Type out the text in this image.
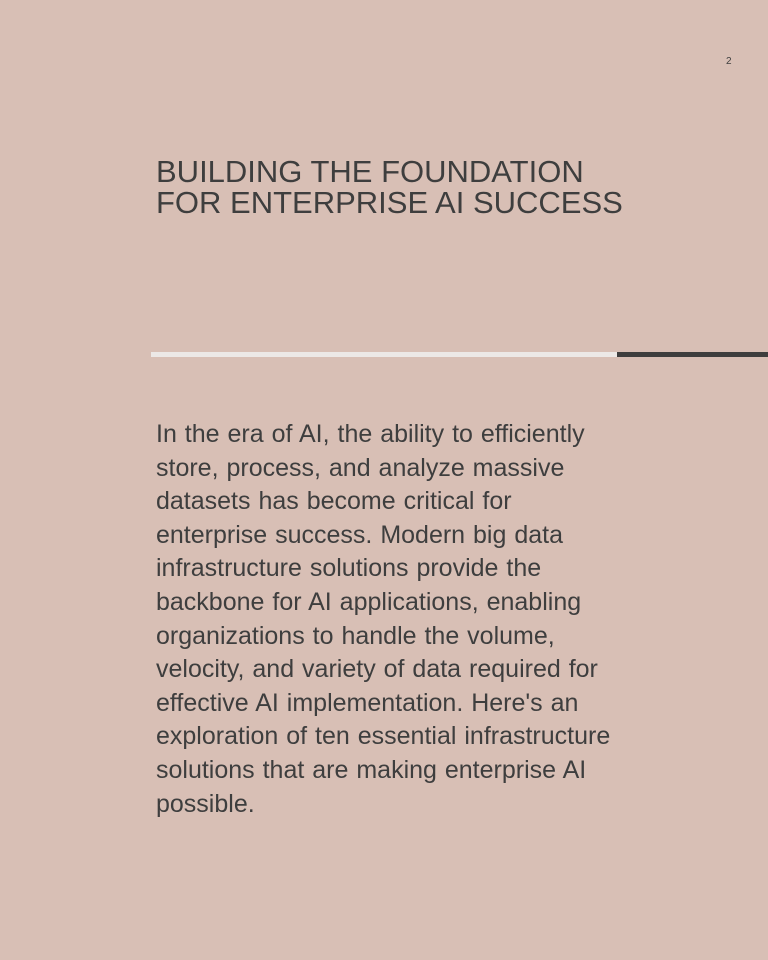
2
BUILDING THE FOUNDATION FOR ENTERPRISE AI SUCCESS

In the era of AI, the ability to efficiently store, process, and analyze massive datasets has become critical for enterprise success. Modern big data infrastructure solutions provide the backbone for AI applications, enabling organizations to handle the volume, velocity, and variety of data required for effective AI implementation. Here's an exploration of ten essential infrastructure solutions that are making enterprise AI possible.
